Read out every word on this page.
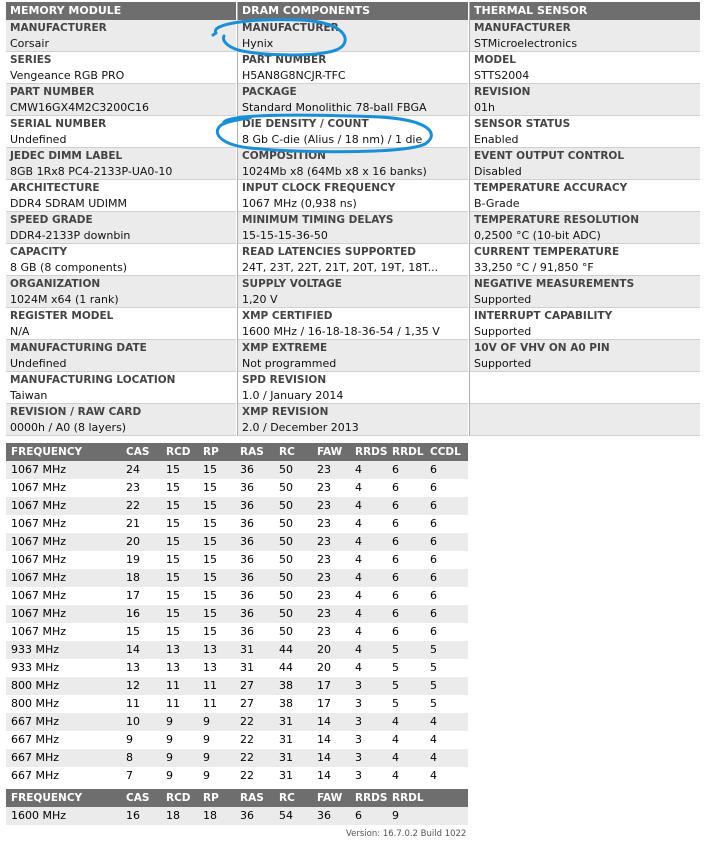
MEMORY MODULE
MANUFACTURER
Corsair
SERIES
Vengeance RGB PRO
PART NUMBER
CMW16GX4M2C3200C16
SERIAL NUMBER
Undefined
JEDEC DIMM LABEL
8GB 1Rx8 PC4-2133P-UA0-10
ARCHITECTURE
DDR4 SDRAM UDIMM
SPEED GRADE
DDR4-2133P downbin
CAPACITY
8 GB (8 components)
ORGANIZATION
1024M x64 (1 rank)
REGISTER MODEL
N/A
MANUFACTURING DATE
Undefined
MANUFACTURING LOCATION
Taiwan
REVISION / RAW CARD
0000h / A0 (8 layers)
DRAM COMPONENTS
MANUFACTURER
Hynix
PART NUMBER
H5AN8G8NCJR-TFC
PACKAGE
Standard Monolithic 78-ball FBGA
DIE DENSITY / COUNT
8 Gb C-die (Alius / 18 nm) / 1 die
COMPOSITION
1024Mb x8 (64Mb x8 x 16 banks)
INPUT CLOCK FREQUENCY
1067 MHz (0,938 ns)
MINIMUM TIMING DELAYS
15-15-15-36-50
READ LATENCIES SUPPORTED
24T, 23T, 22T, 21T, 20T, 19T, 18T...
SUPPLY VOLTAGE
1,20 V
XMP CERTIFIED
1600 MHz / 16-18-18-36-54 / 1,35 V
XMP EXTREME
Not programmed
SPD REVISION
1.0 / January 2014
XMP REVISION
2.0 / December 2013
THERMAL SENSOR
MANUFACTURER
STMicroelectronics
MODEL
STTS2004
REVISION
01h
SENSOR STATUS
Enabled
EVENT OUTPUT CONTROL
Disabled
TEMPERATURE ACCURACY
B-Grade
TEMPERATURE RESOLUTION
0,2500 °C (10-bit ADC)
CURRENT TEMPERATURE
33,250 °C / 91,850 °F
NEGATIVE MEASUREMENTS
Supported
INTERRUPT CAPABILITY
Supported
10V OF VHV ON A0 PIN
Supported
FREQUENCY	CAS RCD RP RAS RC FAW RRDS RRDL CCDL
1067 MHz	24 15 15 36 50 23 4	6	6
1067 MHz	23 15 15 36 50 23 4	6	6
1067 MHz	22 15 15 36 50 23 4	6	6
1067 MHz	21 15 15 36 50 23 4	6	6
1067 MHz	20 15 15 36 50 23 4	6	6
1067 MHz	19 15 15 36 50 23 4	6	6
1067 MHz	18 15 15 36 50 23 4	6	6
1067 MHz	17 15 15 36 50 23 4	6	6
1067 MHz	16 15 15 36 50 23 4	6	6
1067 MHz	15 15 15 36 50 23 4	6	6
933 MHz	14 13 13 31 44 20 4	5	5
933 MHz	13 13 13 31 44 20 4	5	5
800 MHz	12 11 11 27 38 17 3	5	5
800 MHz	11 11 11 27 38 17 3	5	5
667 MHz	10 9	9	22 31 14 3	4	4
667 MHz	9	9	9	22 31 14 3	4	4
667 MHz	8	9	9	22 31 14 3	4	4
667 MHz	7	9	9	22 31 14 3	4	4
FREQUENCY	CAS RCD RP RAS RC FAW RRDS RRDL
1600 MHz	16 18 18 36 54 36 6	9
Version: 16.7.0.2 Build 1022
